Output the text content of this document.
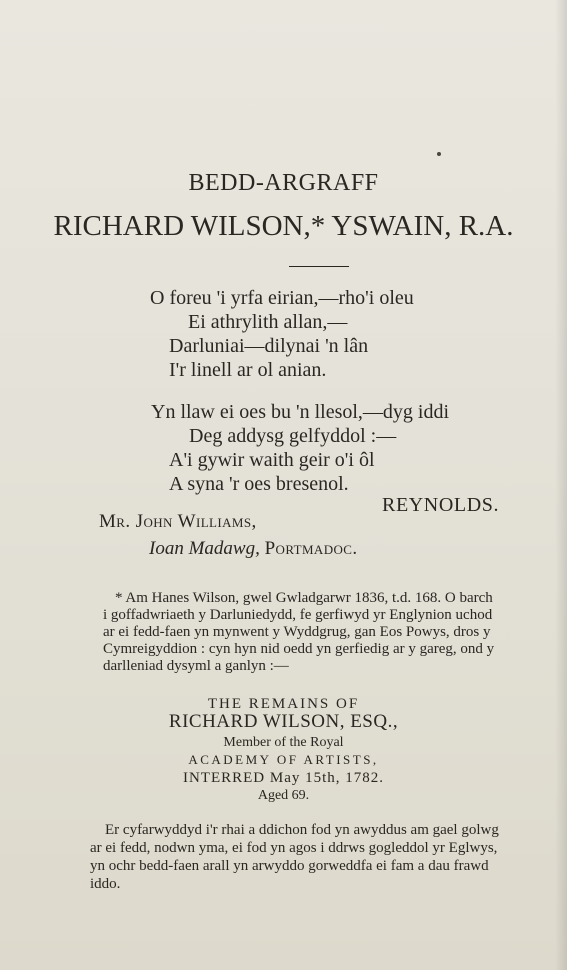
BEDD-ARGRAFF
RICHARD WILSON,* YSWAIN, R.A.
O foreu 'i yrfa eirian,—rho'i oleu
Ei athrylith allan,—
Darluniai—dilynai 'n lân
I'r linell ar ol anian.
Yn llaw ei oes bu 'n llesol,—dyg iddi
Deg addysg gelfyddol :—
A'i gywir waith geir o'i ôl
A syna 'r oes bresenol.
REYNOLDS.
Mr. John Williams,
Ioan Madawg, Portmadoc.
* Am Hanes Wilson, gwel Gwladgarwr 1836, t.d. 168. O barch
i goffadwriaeth y Darluniedydd, fe gerfiwyd yr Englynion uchod
ar ei fedd-faen yn mynwent y Wyddgrug, gan Eos Powys, dros y
Cymreigyddion : cyn hyn nid oedd yn gerfiedig ar y gareg, ond y
darlleniad dysyml a ganlyn :—
THE REMAINS OF
RICHARD WILSON, ESQ.,
Member of the Royal
ACADEMY OF ARTISTS,
INTERRED May 15th, 1782.
Aged 69.
Er cyfarwyddyd i'r rhai a ddichon fod yn awyddus am gael golwg
ar ei fedd, nodwn yma, ei fod yn agos i ddrws gogleddol yr Eglwys,
yn ochr bedd-faen arall yn arwyddo gorweddfa ei fam a dau frawd
iddo.
